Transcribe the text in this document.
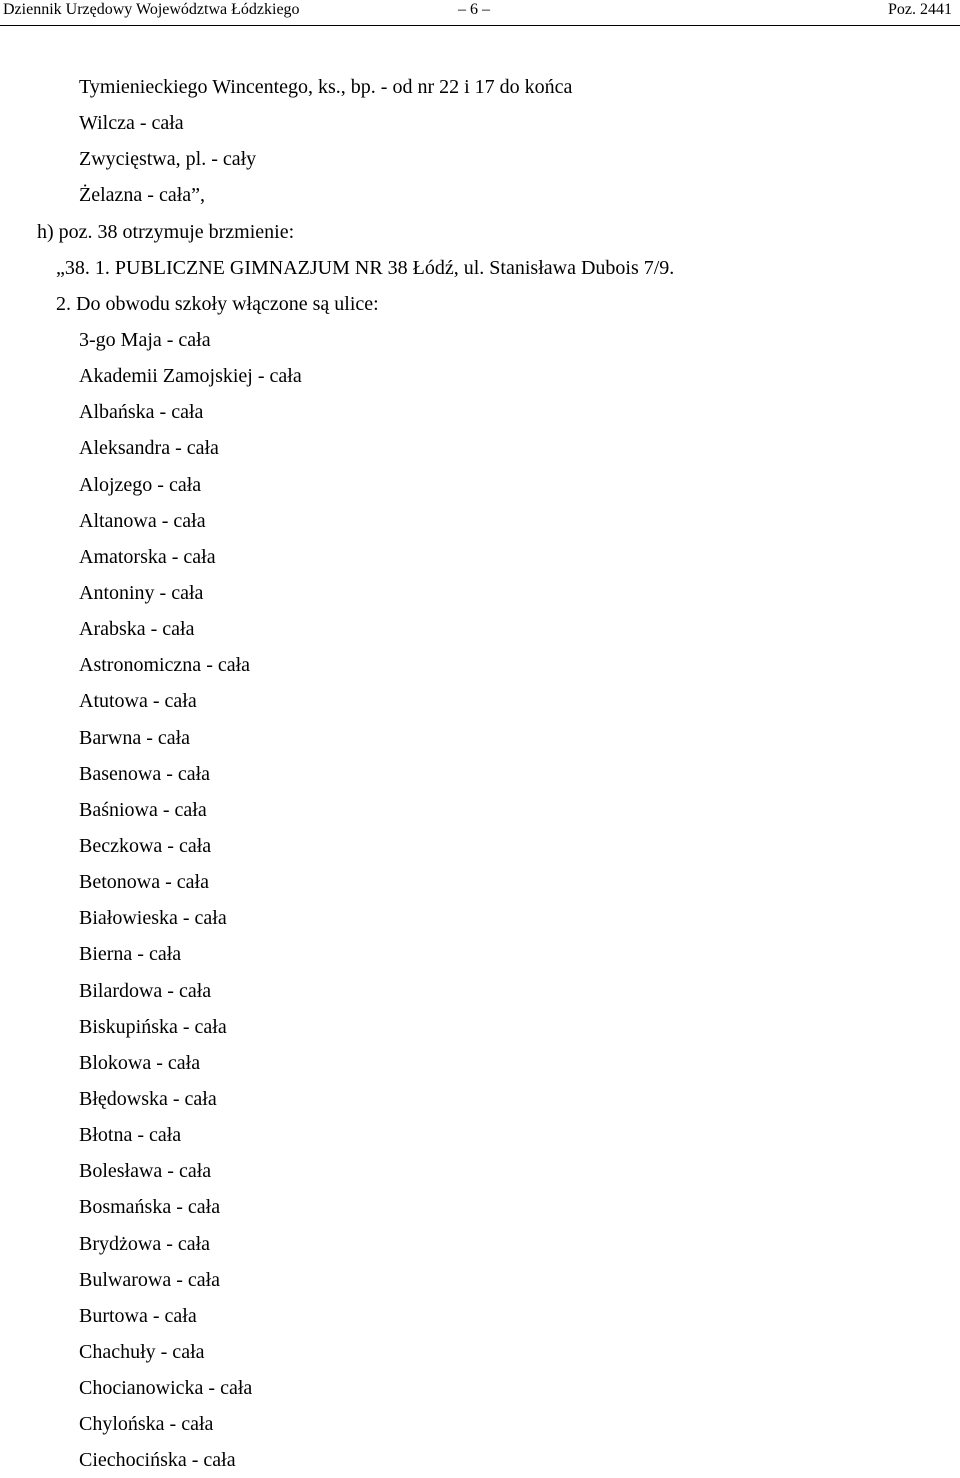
Dziennik Urzędowy Województwa Łódzkiego	– 6 –	Poz. 2441
Tymienieckiego Wincentego, ks., bp. - od nr 22 i 17 do końca
Wilcza - cała
Zwycięstwa, pl. - cały
Żelazna - cała”,
h) poz. 38 otrzymuje brzmienie:
„38. 1. PUBLICZNE GIMNAZJUM NR 38 Łódź, ul. Stanisława Dubois 7/9.
2. Do obwodu szkoły włączone są ulice:
3-go Maja - cała
Akademii Zamojskiej - cała
Albańska - cała
Aleksandra - cała
Alojzego - cała
Altanowa - cała
Amatorska - cała
Antoniny - cała
Arabska - cała
Astronomiczna - cała
Atutowa - cała
Barwna - cała
Basenowa - cała
Baśniowa - cała
Beczkowa - cała
Betonowa - cała
Białowieska - cała
Bierna - cała
Bilardowa - cała
Biskupińska - cała
Blokowa - cała
Błędowska - cała
Błotna - cała
Bolesława - cała
Bosmańska - cała
Brydżowa - cała
Bulwarowa - cała
Burtowa - cała
Chachuły - cała
Chocianowicka - cała
Chylońska - cała
Ciechocińska - cała
